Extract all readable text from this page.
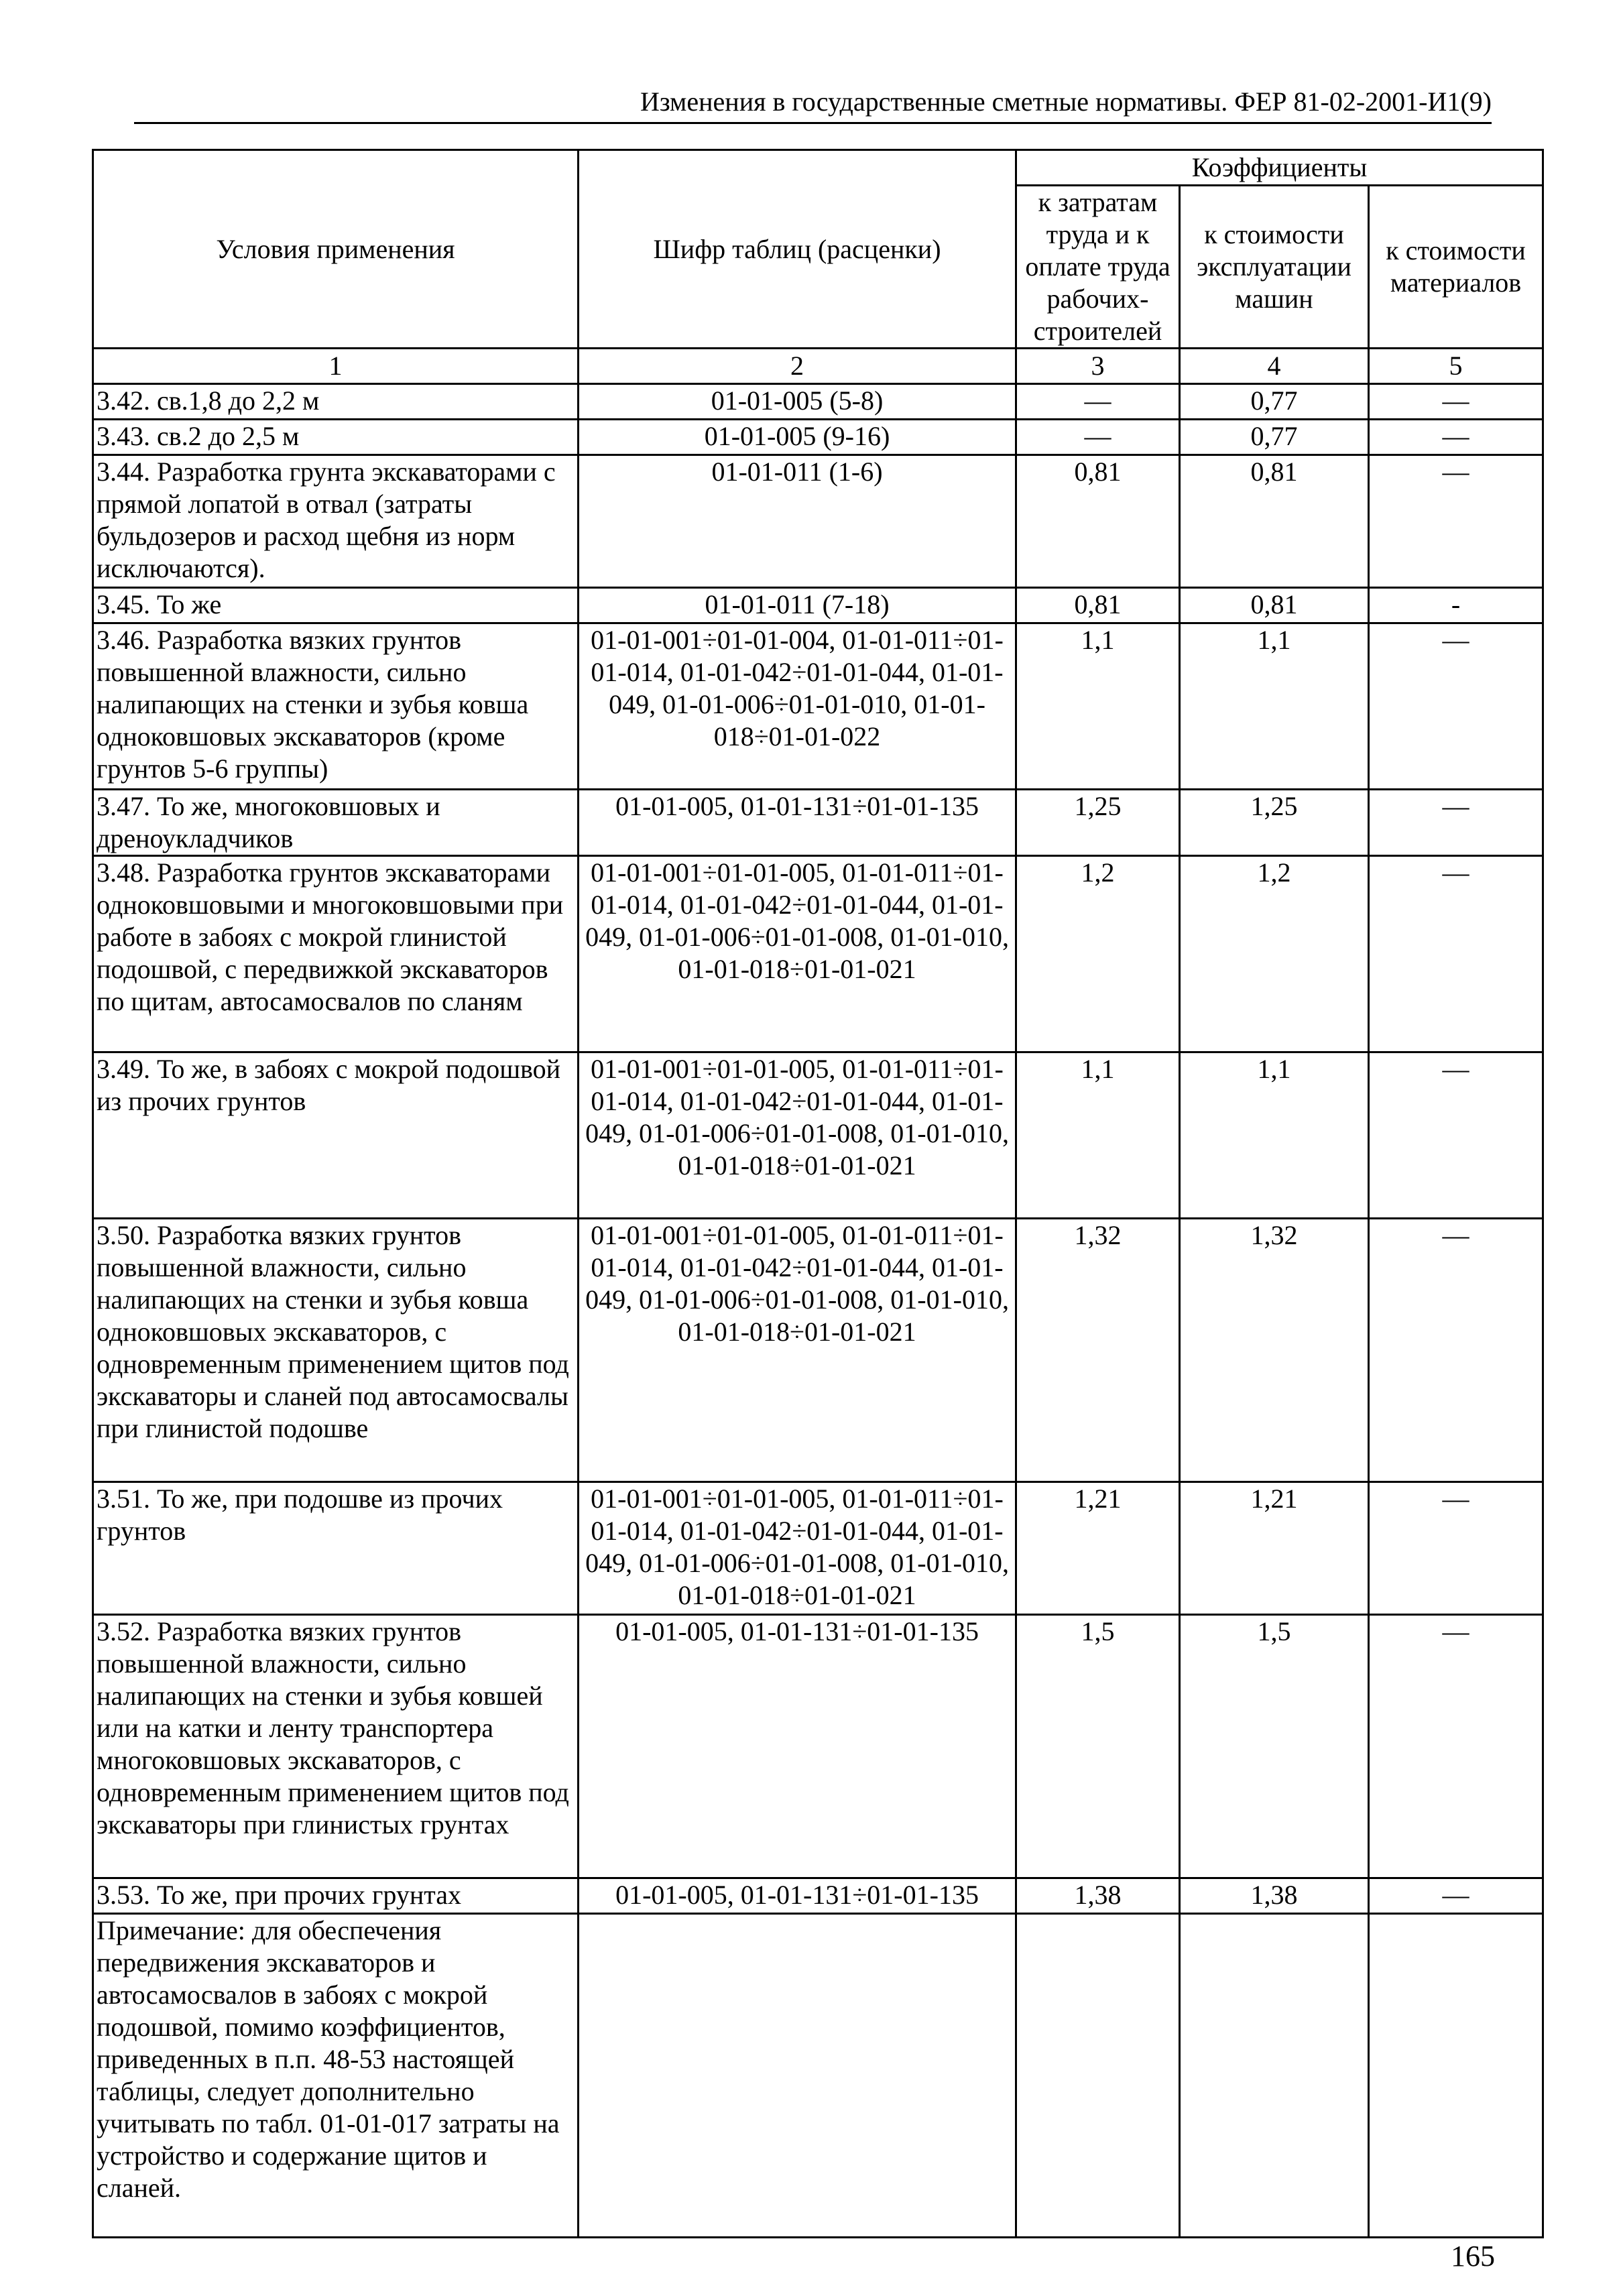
Изменения в государственные сметные нормативы. ФЕР 81-02-2001-И1(9)
Условия применения	Шифр таблиц (расценки)	Коэффициенты		
		к затратам труда и к оплате труда рабочих-строителей	к стоимости эксплуатации машин	к стоимости материалов
1	2	3	4	5
3.42. св.1,8 до 2,2 м	01-01-005 (5-8)	—	0,77	—
3.43. св.2 до 2,5 м	01-01-005 (9-16)	—	0,77	—
3.44. Разработка грунта экскаваторами с прямой лопатой в отвал (затраты бульдозеров и расход щебня из норм исключаются).	01-01-011 (1-6)	0,81	0,81	—
3.45. То же	01-01-011 (7-18)	0,81	0,81	-
3.46. Разработка вязких грунтов повышенной влажности, сильно налипающих на стенки и зубья ковша одноковшовых экскаваторов (кроме грунтов 5-6 группы)	01-01-001÷01-01-004, 01-01-011÷01-01-014, 01-01-042÷01-01-044, 01-01-049, 01-01-006÷01-01-010, 01-01-018÷01-01-022	1,1	1,1	—
3.47. То же, многоковшовых и дреноукладчиков	01-01-005, 01-01-131÷01-01-135	1,25	1,25	—
3.48. Разработка грунтов экскаваторами одноковшовыми и многоковшовыми при работе в забоях с мокрой глинистой подошвой, с передвижкой экскаваторов по щитам, автосамосвалов по сланям	01-01-001÷01-01-005, 01-01-011÷01-01-014, 01-01-042÷01-01-044, 01-01-049, 01-01-006÷01-01-008, 01-01-010, 01-01-018÷01-01-021	1,2	1,2	—
3.49. То же, в забоях с мокрой подошвой из прочих грунтов	01-01-001÷01-01-005, 01-01-011÷01-01-014, 01-01-042÷01-01-044, 01-01-049, 01-01-006÷01-01-008, 01-01-010, 01-01-018÷01-01-021	1,1	1,1	—
3.50. Разработка вязких грунтов повышенной влажности, сильно налипающих на стенки и зубья ковша одноковшовых экскаваторов, с одновременным применением щитов под экскаваторы и сланей под автосамосвалы при глинистой подошве	01-01-001÷01-01-005, 01-01-011÷01-01-014, 01-01-042÷01-01-044, 01-01-049, 01-01-006÷01-01-008, 01-01-010, 01-01-018÷01-01-021	1,32	1,32	—
3.51. То же, при подошве из прочих грунтов	01-01-001÷01-01-005, 01-01-011÷01-01-014, 01-01-042÷01-01-044, 01-01-049, 01-01-006÷01-01-008, 01-01-010, 01-01-018÷01-01-021	1,21	1,21	—
3.52. Разработка вязких грунтов повышенной влажности, сильно налипающих на стенки и зубья ковшей или на катки и ленту транспортера многоковшовых экскаваторов, с одновременным применением щитов под экскаваторы при глинистых грунтах	01-01-005, 01-01-131÷01-01-135	1,5	1,5	—
3.53. То же, при прочих грунтах	01-01-005, 01-01-131÷01-01-135	1,38	1,38	—
Примечание: для обеспечения передвижения экскаваторов и автосамосвалов в забоях с мокрой подошвой, помимо коэффициентов, приведенных в п.п. 48-53 настоящей таблицы, следует дополнительно учитывать по табл. 01-01-017 затраты на устройство и содержание щитов и сланей.				
165
